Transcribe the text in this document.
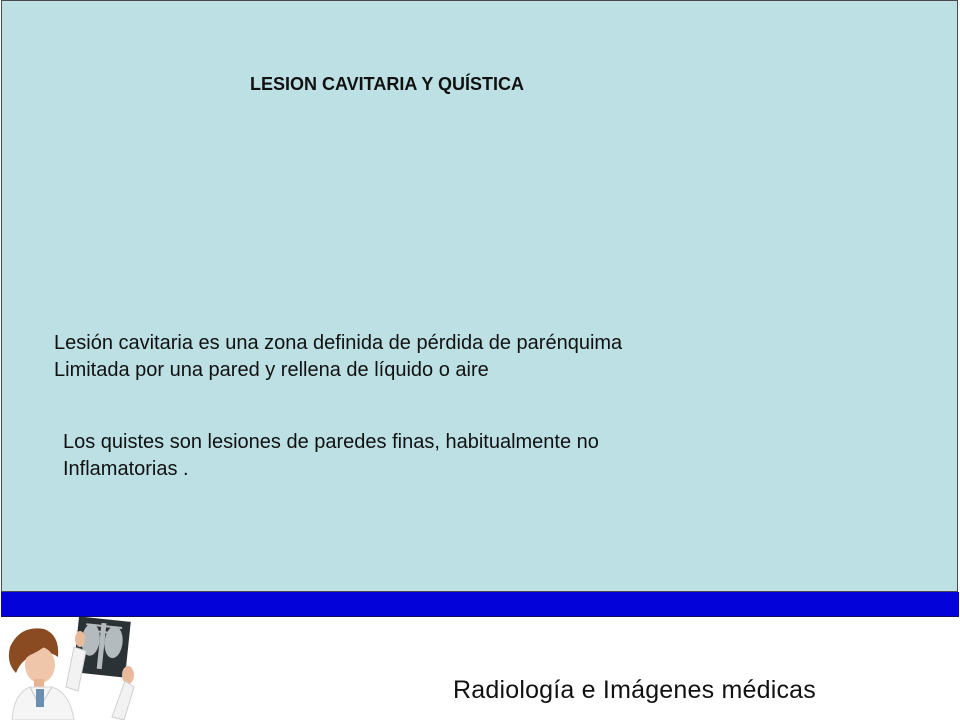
LESION CAVITARIA Y QUÍSTICA
Lesión cavitaria es una zona definida de pérdida de parénquima
Limitada por una pared y rellena de líquido o aire
Los quistes son lesiones de paredes finas, habitualmente no
Inflamatorias .
Radiología e Imágenes médicas
